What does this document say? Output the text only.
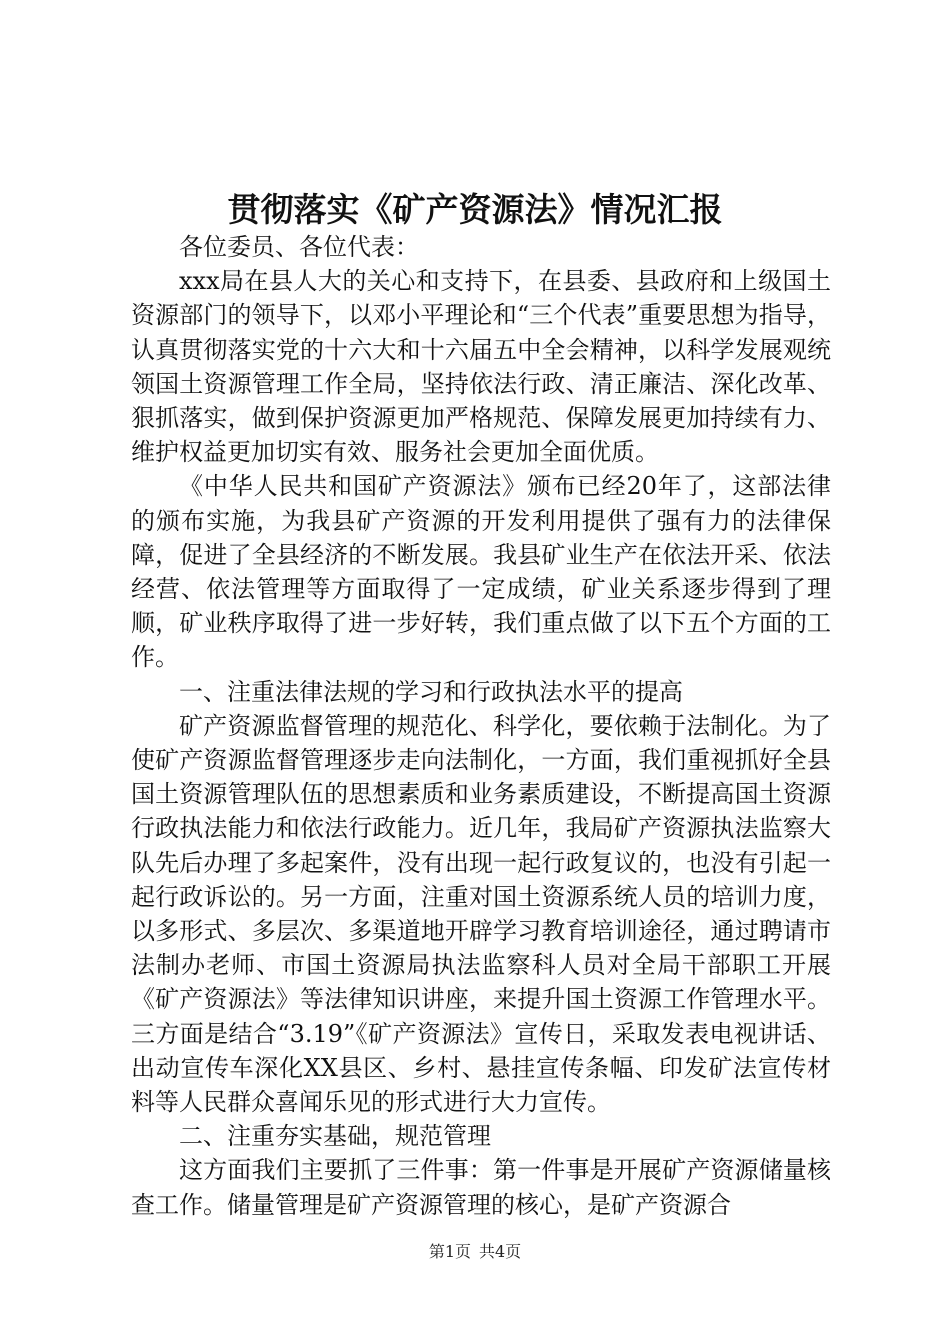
贯彻落实《矿产资源法》情况汇报

各位委员、各位代表：

xxx局在县人大的关心和支持下，在县委、县政府和上级国土资源部门的领导下，以邓小平理论和“三个代表”重要思想为指导，认真贯彻落实党的十六大和十六届五中全会精神，以科学发展观统领国土资源管理工作全局，坚持依法行政、清正廉洁、深化改革、狠抓落实，做到保护资源更加严格规范、保障发展更加持续有力、维护权益更加切实有效、服务社会更加全面优质。

《中华人民共和国矿产资源法》颁布已经20年了，这部法律的颁布实施，为我县矿产资源的开发利用提供了强有力的法律保障，促进了全县经济的不断发展。我县矿业生产在依法开采、依法经营、依法管理等方面取得了一定成绩，矿业关系逐步得到了理顺，矿业秩序取得了进一步好转，我们重点做了以下五个方面的工作。

一、注重法律法规的学习和行政执法水平的提高

矿产资源监督管理的规范化、科学化，要依赖于法制化。为了使矿产资源监督管理逐步走向法制化，一方面，我们重视抓好全县国土资源管理队伍的思想素质和业务素质建设，不断提高国土资源行政执法能力和依法行政能力。近几年，我局矿产资源执法监察大队先后办理了多起案件，没有出现一起行政复议的，也没有引起一起行政诉讼的。另一方面，注重对国土资源系统人员的培训力度，以多形式、多层次、多渠道地开辟学习教育培训途径，通过聘请市法制办老师、市国土资源局执法监察科人员对全局干部职工开展《矿产资源法》等法律知识讲座，来提升国土资源工作管理水平。三方面是结合“3.19”《矿产资源法》宣传日，采取发表电视讲话、出动宣传车深化XX县区、乡村、悬挂宣传条幅、印发矿法宣传材料等人民群众喜闻乐见的形式进行大力宣传。

二、注重夯实基础，规范管理

这方面我们主要抓了三件事：第一件事是开展矿产资源储量核查工作。储量管理是矿产资源管理的核心，是矿产资源合

第1页 共4页
